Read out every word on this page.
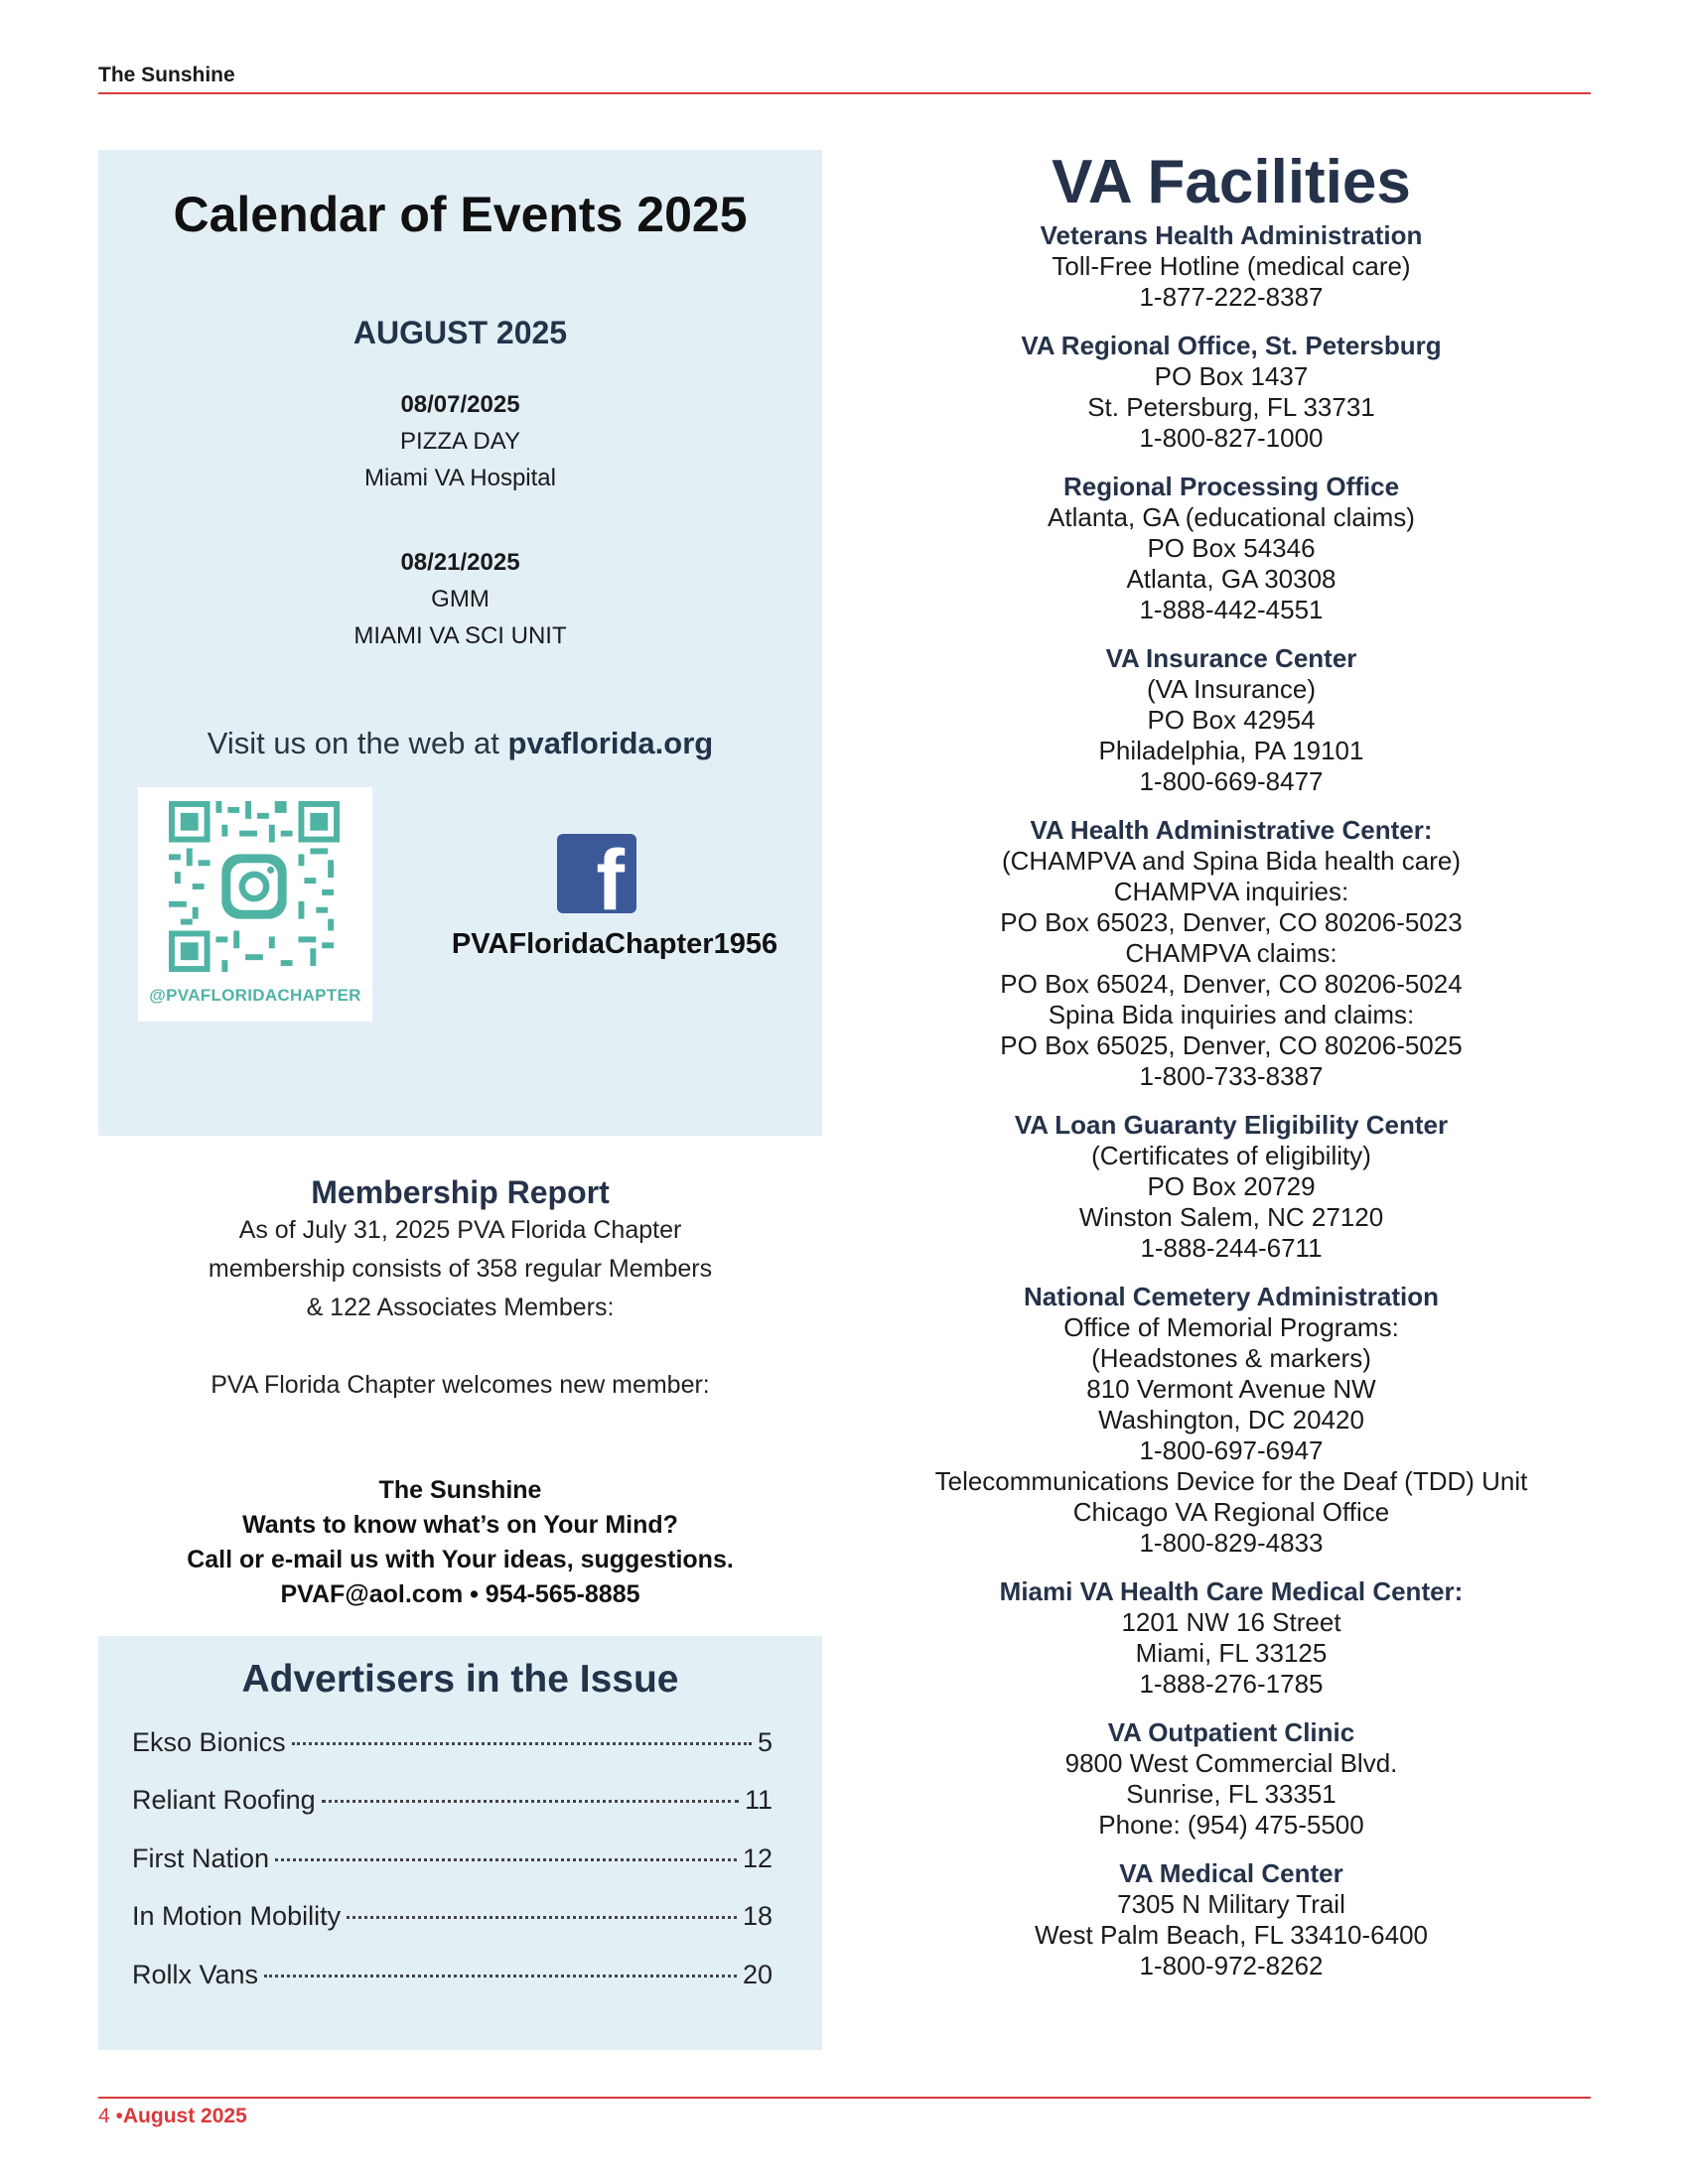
The Sunshine
Calendar of Events 2025
AUGUST 2025
08/07/2025
PIZZA DAY
Miami VA Hospital
08/21/2025
GMM
MIAMI VA SCI UNIT
Visit us on the web at pvaflorida.org
@PVAFLORIDACHAPTER
f
PVAFloridaChapter1956
Membership Report

As of July 31, 2025 PVA Florida Chapter

membership consists of 358 regular Members

& 122 Associates Members:

PVA Florida Chapter welcomes new member:

The Sunshine
Wants to know what’s on Your Mind?
Call or e-mail us with Your ideas, suggestions.
PVAF@aol.com • 954-565-8885
Advertisers in the Issue
Ekso Bionics	5
Reliant Roofing	11
First Nation	12
In Motion Mobility	18
Rollx Vans	20
VA Facilities
Veterans Health Administration
Toll-Free Hotline (medical care)
1-877-222-8387
VA Regional Office, St. Petersburg
PO Box 1437
St. Petersburg, FL 33731
1-800-827-1000
Regional Processing Office
Atlanta, GA (educational claims)
PO Box 54346
Atlanta, GA 30308
1-888-442-4551
VA Insurance Center
(VA Insurance)
PO Box 42954
Philadelphia, PA 19101
1-800-669-8477
VA Health Administrative Center:
(CHAMPVA and Spina Bida health care)
CHAMPVA inquiries:
PO Box 65023, Denver, CO 80206-5023
CHAMPVA claims:
PO Box 65024, Denver, CO 80206-5024
Spina Bida inquiries and claims:
PO Box 65025, Denver, CO 80206-5025
1-800-733-8387
VA Loan Guaranty Eligibility Center
(Certificates of eligibility)
PO Box 20729
Winston Salem, NC 27120
1-888-244-6711
National Cemetery Administration
Office of Memorial Programs:
(Headstones & markers)
810 Vermont Avenue NW
Washington, DC 20420
1-800-697-6947
Telecommunications Device for the Deaf (TDD) Unit
Chicago VA Regional Office
1-800-829-4833
Miami VA Health Care Medical Center:
1201 NW 16 Street
Miami, FL 33125
1-888-276-1785
VA Outpatient Clinic
9800 West Commercial Blvd.
Sunrise, FL 33351
Phone: (954) 475-5500
VA Medical Center
7305 N Military Trail
West Palm Beach, FL 33410-6400
1-800-972-8262
4 •August 2025
